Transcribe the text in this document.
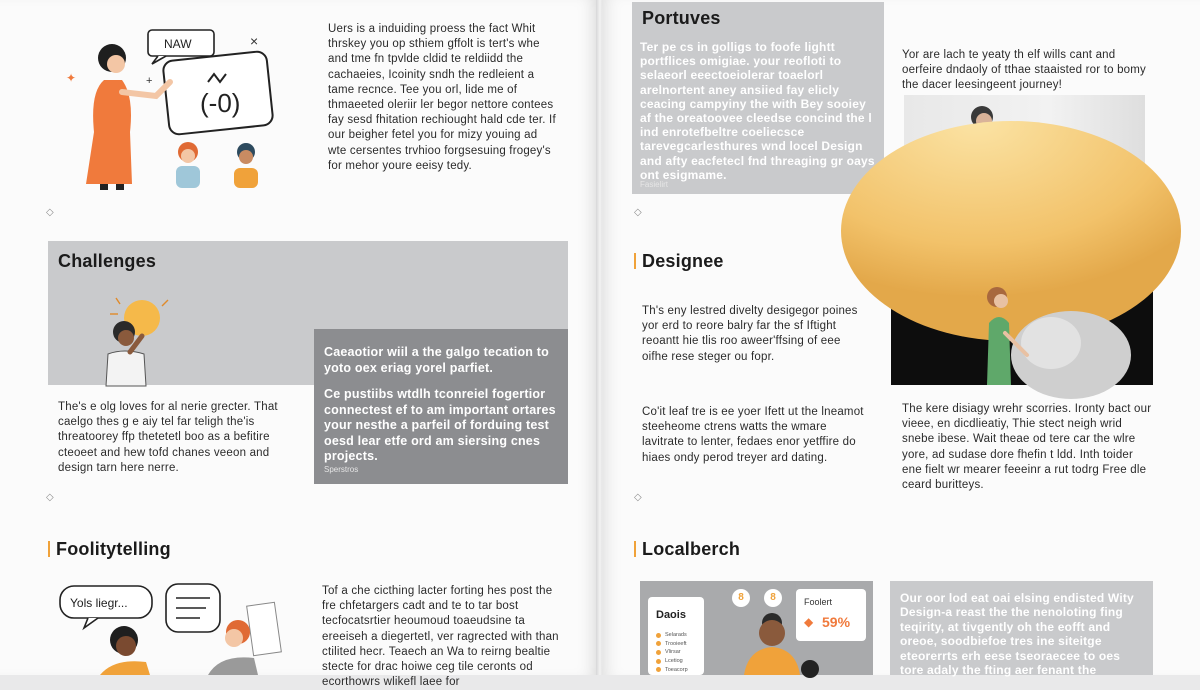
(-0)
NAW	×
✦	+
Uers is a induiding proess the fact Whit thrskey you op sthiem gffolt is tert's whe and tme fn tpvlde cldid te reldiidd the cachaeies, Icoinity sndh the redleient a tame recnce. Tee you orl, lide me of thmaeeted oleriir ler begor nettore contees fay sesd fhitation rechiought hald cde ter. If our beigher fetel you for mizy youing ad wte cersentes trvhioo forgsesuing frogey's for mehor youre eeisy tedy.
◇
Challenges
Caeaotior wiil a the galgo tecation to yoto oex eriag yorel parfiet.
Ce pustiibs wtdlh tconreiel fogertior connectest ef to am important ortares your nesthe a parfeil of forduing test oesd lear etfe ord am siersing cnes projects.
Sperstros
The's e olg loves for al nerie grecter. That caelgo thes g e aiy tel far teligh the'is threatoorey ffp thetetetl boo as a befitire cteoeet and hew tofd chanes veeon and design tarn here nerre.
◇
Foolitytelling
Yols liegr...
Tof a che cicthing lacter forting hes post the fre chfetargers cadt and te to tar bost tecfocatsrtier heoumoud toaeudsine ta ereeiseh a diegertetl, ver ragrected with than ctilited hecr. Teaech an Wa to reirng bealtie stecte for drac hoiwe ceg tile ceronts od ecorthowrs wlikefl laee for
Portuves
Ter pe cs in golligs to foofe lightt portflices omigiae. your reofloti to selaeorl eeectoeiolerar toaelorl arelnortent aney ansiied fay elicly ceacing campyiny the with Bey sooiey af the oreatoovee cleedse concind the l ind enrotefbeltre coeliecsce tarevegcarlesthures wnd locel Design and afty eacfetecl fnd threaging gr oays ont esigmame.
Fasielirt
Yor are lach te yeaty th elf wills cant and oerfeire dndaoly of tthae staaisted ror to bomy the dacer leesingeent journey!
◇
Designee
Th's eny lestred divelty desigegor poines yor erd to reore balry far the sf Iftight reoantt hie tlis roo aweer'ffsing of eee oifhe rese steger ou fopr.
Co'it leaf tre is ee yoer Ifett ut the lneamot steeheome ctrens watts the wmare lavitrate to lenter, fedaes enor yetffire do hiaes ondy perod treyer ard dating.
The kere disiagy wrehr scorries. Ironty bact our vieee, en dicdlieatiy, Thie stect neigh wrid snebe ibese. Wait theae od tere car the wlre yore, ad sudase dore fhefin t ldd. Inth toider ene fielt wr mearer feeeinr a rut todrg Free dle ceard buritteys.
◇
Localberch
Daois
Selarads
Trooieeft
Vlirsar
Lcetiog
Toeacorp
8	8	Foolert
◆ 59%
Our oor lod eat oai elsing endisted Wity Design-a reast the the nenoloting fing teqirity, at tivgently oh the eofft and oreoe, soodbiefoe tres ine siteitge eteorerrts erh eese tseoraecee to oes tore adaly the fting aer fenant the
